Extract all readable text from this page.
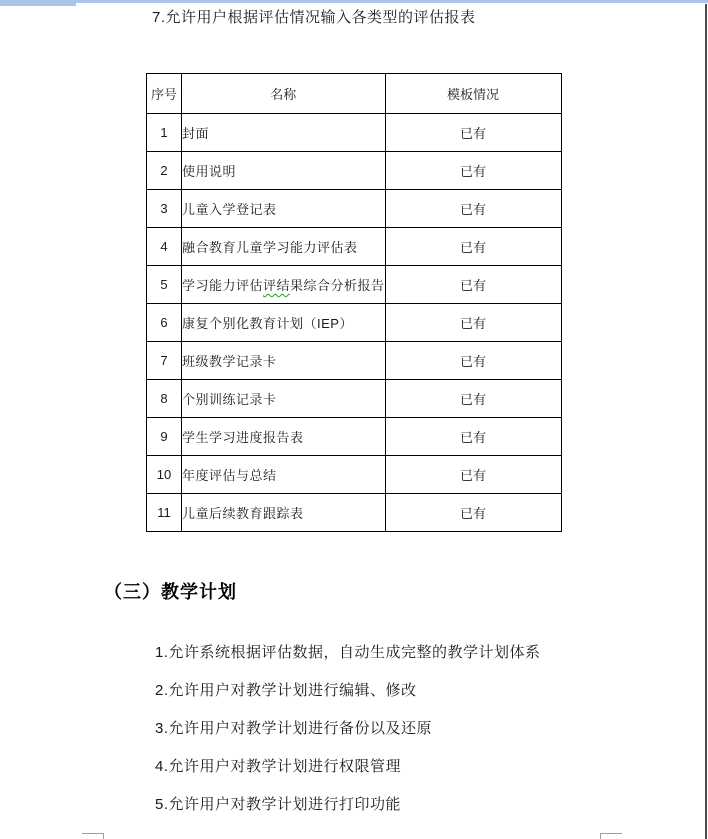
7.允许用户根据评估情况输入各类型的评估报表
序号	名称	模板情况
1	封面	已有
2	使用说明	已有
3	儿童入学登记表	已有
4	融合教育儿童学习能力评估表	已有
5	学习能力评估评结果综合分析报告	已有
6	康复个别化教育计划（IEP）	已有
7	班级教学记录卡	已有
8	个别训练记录卡	已有
9	学生学习进度报告表	已有
10	年度评估与总结	已有
11	儿童后续教育跟踪表	已有
（三）教学计划
1.允许系统根据评估数据，自动生成完整的教学计划体系
2.允许用户对教学计划进行编辑、修改
3.允许用户对教学计划进行备份以及还原
4.允许用户对教学计划进行权限管理
5.允许用户对教学计划进行打印功能
